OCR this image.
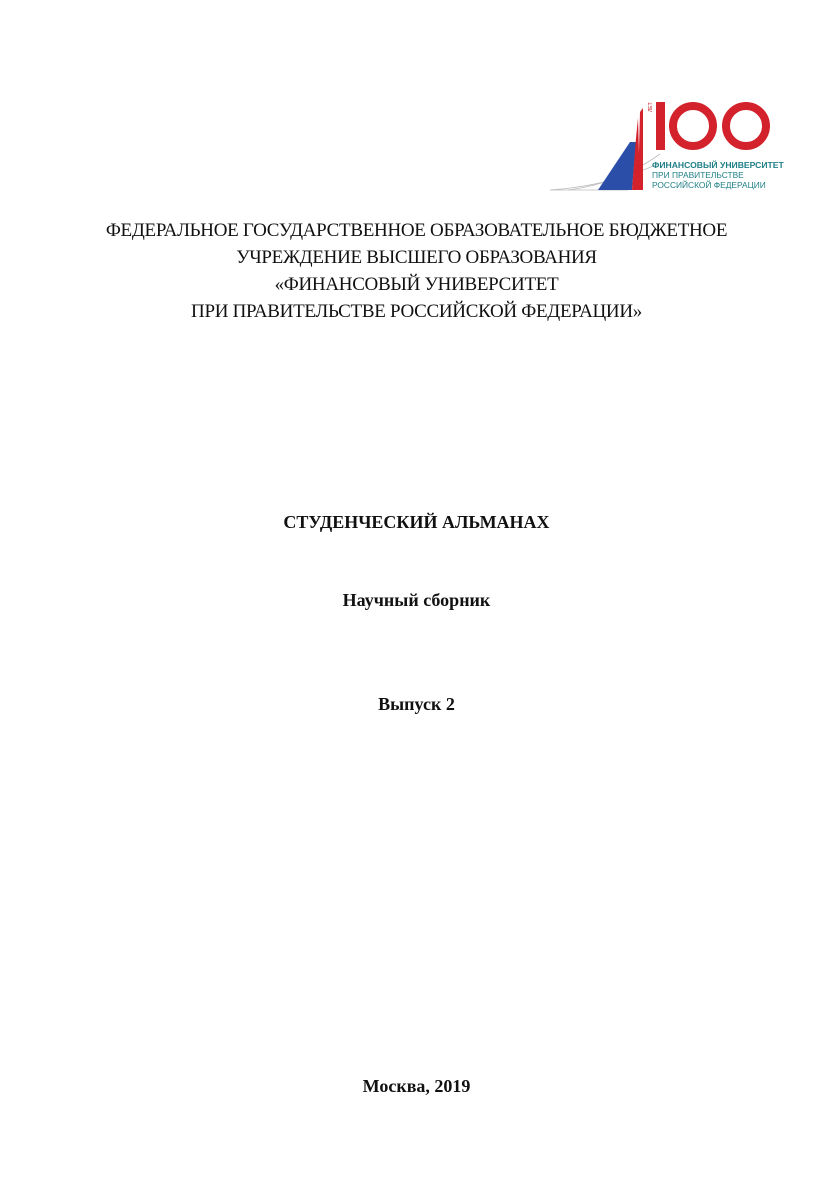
ЛЕТ
ФИНАНСОВЫЙ УНИВЕРСИТЕТ
ПРИ ПРАВИТЕЛЬСТВЕ
РОССИЙСКОЙ ФЕДЕРАЦИИ
ФЕДЕРАЛЬНОЕ ГОСУДАРСТВЕННОЕ ОБРАЗОВАТЕЛЬНОЕ БЮДЖЕТНОЕ
УЧРЕЖДЕНИЕ ВЫСШЕГО ОБРАЗОВАНИЯ
«ФИНАНСОВЫЙ УНИВЕРСИТЕТ
ПРИ ПРАВИТЕЛЬСТВЕ РОССИЙСКОЙ ФЕДЕРАЦИИ»
СТУДЕНЧЕСКИЙ АЛЬМАНАХ
Научный сборник
Выпуск 2
Москва, 2019
